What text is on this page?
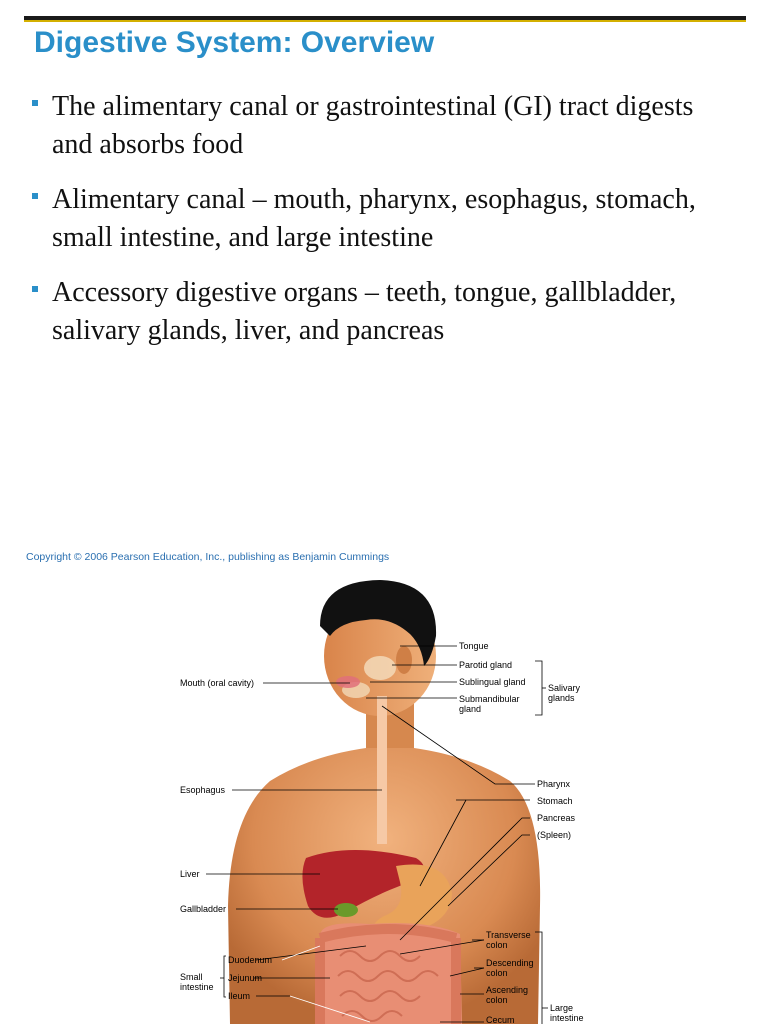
Digestive System: Overview
The alimentary canal or gastrointestinal (GI) tract digests and absorbs food
Alimentary canal – mouth, pharynx, esophagus, stomach, small intestine, and large intestine
Accessory digestive organs – teeth, tongue, gallbladder, salivary glands, liver, and pancreas
Copyright © 2006 Pearson Education, Inc., publishing as Benjamin Cummings
Tongue
Parotid gland
Sublingual gland
Submandibular
gland
Salivary
glands
Mouth (oral cavity)
Esophagus
Pharynx
Stomach
Pancreas
(Spleen)
Liver
Gallbladder
Transverse
colon
Duodenum	Descending
colon
Small
intestine
Jejunum
Ascending
colon
Ileum
Large
intestine
Cecum
